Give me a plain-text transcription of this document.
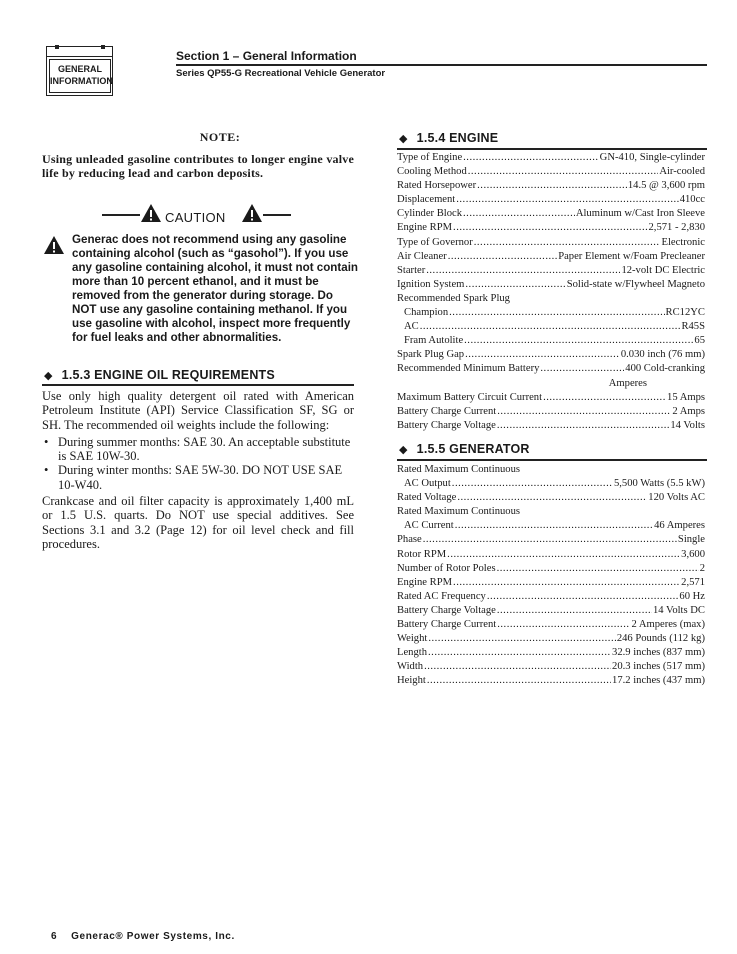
GENERAL
INFORMATION
Section 1 – General Information
Series QP55-G Recreational Vehicle Generator
NOTE:
Using unleaded gasoline contributes to longer engine valve life by reducing lead and carbon deposits.
CAUTION
Generac does not recommend using any gasoline containing alcohol (such as “gasohol”). If you use any gasoline containing alcohol, it must not contain more than 10 percent ethanol, and it must be removed from the generator during storage. Do NOT use any gasoline containing methanol. If you use gasoline with alcohol, inspect more frequently for fuel leaks and other abnormalities.
◆ 1.5.3 ENGINE OIL REQUIREMENTS

Use only high quality detergent oil rated with American Petroleum Institute (API) Service Classification SF, SG or SH. The recommended oil weights include the following:

• During summer months: SAE 30. An acceptable substitute is SAE 10W-30.
• During winter months: SAE 5W-30. DO NOT USE SAE 10-W40.

Crankcase and oil filter capacity is approximately 1,400 mL or 1.5 U.S. quarts. Do NOT use special additives. See Sections 3.1 and 3.2 (Page 12) for oil level check and fill procedures.

◆ 1.5.4 ENGINE
Type of Engine .....	GN-410, Single-cylinder
Cooling Method .....	Air-cooled
Rated Horsepower .....	14.5 @ 3,600 rpm
Displacement .....	410cc
Cylinder Block .....	Aluminum w/Cast Iron Sleeve
Engine RPM .....	2,571 - 2,830
Type of Governor .....	Electronic
Air Cleaner .....	Paper Element w/Foam Precleaner
Starter .....	12-volt DC Electric
Ignition System .....	Solid-state w/Flywheel Magneto
Recommended Spark Plug
Champion .....	RC12YC
AC .....	R45S
Fram Autolite .....	65
Spark Plug Gap .....	0.030 inch (76 mm)
Recommended Minimum Battery .....	400 Cold-cranking
Amperes
Maximum Battery Circuit Current .....	15 Amps
Battery Charge Current .....	2 Amps
Battery Charge Voltage .....	14 Volts
◆ 1.5.5 GENERATOR
Rated Maximum Continuous
AC Output .....	5,500 Watts (5.5 kW)
Rated Voltage .....	120 Volts AC
Rated Maximum Continuous
AC Current .....	46 Amperes
Phase .....	Single
Rotor RPM .....	3,600
Number of Rotor Poles .....	2
Engine RPM .....	2,571
Rated AC Frequency .....	60 Hz
Battery Charge Voltage .....	14 Volts DC
Battery Charge Current .....	2 Amperes (max)
Weight .....	246 Pounds (112 kg)
Length .....	32.9 inches (837 mm)
Width .....	20.3 inches (517 mm)
Height .....	17.2 inches (437 mm)
6 Generac® Power Systems, Inc.
